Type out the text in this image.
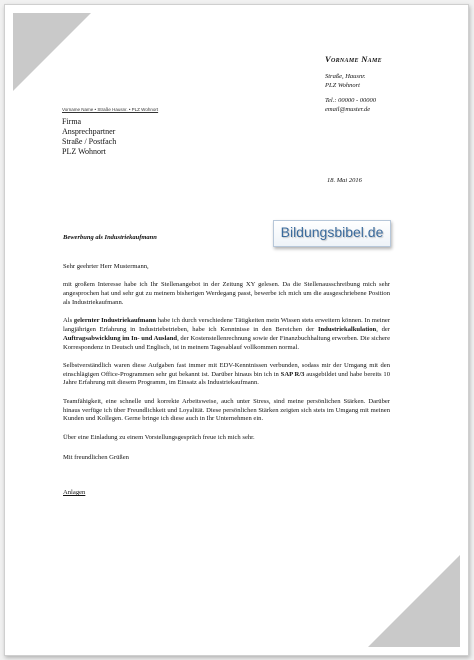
Vorname Name
Straße, Hausnr.
PLZ Wohnort
Tel.: 00000 - 00000
email@muster.de
Vorname Name • Straße Hausnr. • PLZ Wohnort
Firma
Ansprechpartner
Straße / Postfach
PLZ Wohnort
18. Mai 2016
Bewerbung als Industriekaufmann	Bildungsbibel.de

Sehr geehrter Herr Mustermann,

mit großem Interesse habe ich Ihr Stellenangebot in der Zeitung XY gelesen. Da die Stellenausschreibung mich sehr angesprochen hat und sehr gut zu meinem bisherigen Werdegang passt, bewerbe ich mich um die ausgeschriebene Position als Industriekaufmann.

Als gelernter Industriekaufmann habe ich durch verschiedene Tätigkeiten mein Wissen stets erweitern können. In meiner langjährigen Erfahrung in Industriebetrieben, habe ich Kenntnisse in den Bereichen der Industriekalkulation, der Auftragsabwicklung im In- und Ausland, der Kostenstellenrechnung sowie der Finanzbuchhaltung erworben. Die sichere Korrespondenz in Deutsch und Englisch, ist in meinem Tagesablauf vollkommen normal.

Selbstverständlich waren diese Aufgaben fast immer mit EDV-Kenntnissen verbunden, sodass mir der Umgang mit den einschlägigen Office-Programmen sehr gut bekannt ist. Darüber hinaus bin ich in SAP R/3 ausgebildet und habe bereits 10 Jahre Erfahrung mit diesem Programm, im Einsatz als Industriekaufmann.

Teamfähigkeit, eine schnelle und korrekte Arbeitsweise, auch unter Stress, sind meine persönlichen Stärken. Darüber hinaus verfüge ich über Freundlichkeit und Loyalität. Diese persönlichen Stärken zeigten sich stets im Umgang mit meinen Kunden und Kollegen. Gerne bringe ich diese auch in Ihr Unternehmen ein.

Über eine Einladung zu einem Vorstellungsgespräch freue ich mich sehr.

Mit freundlichen Grüßen

Anlagen
